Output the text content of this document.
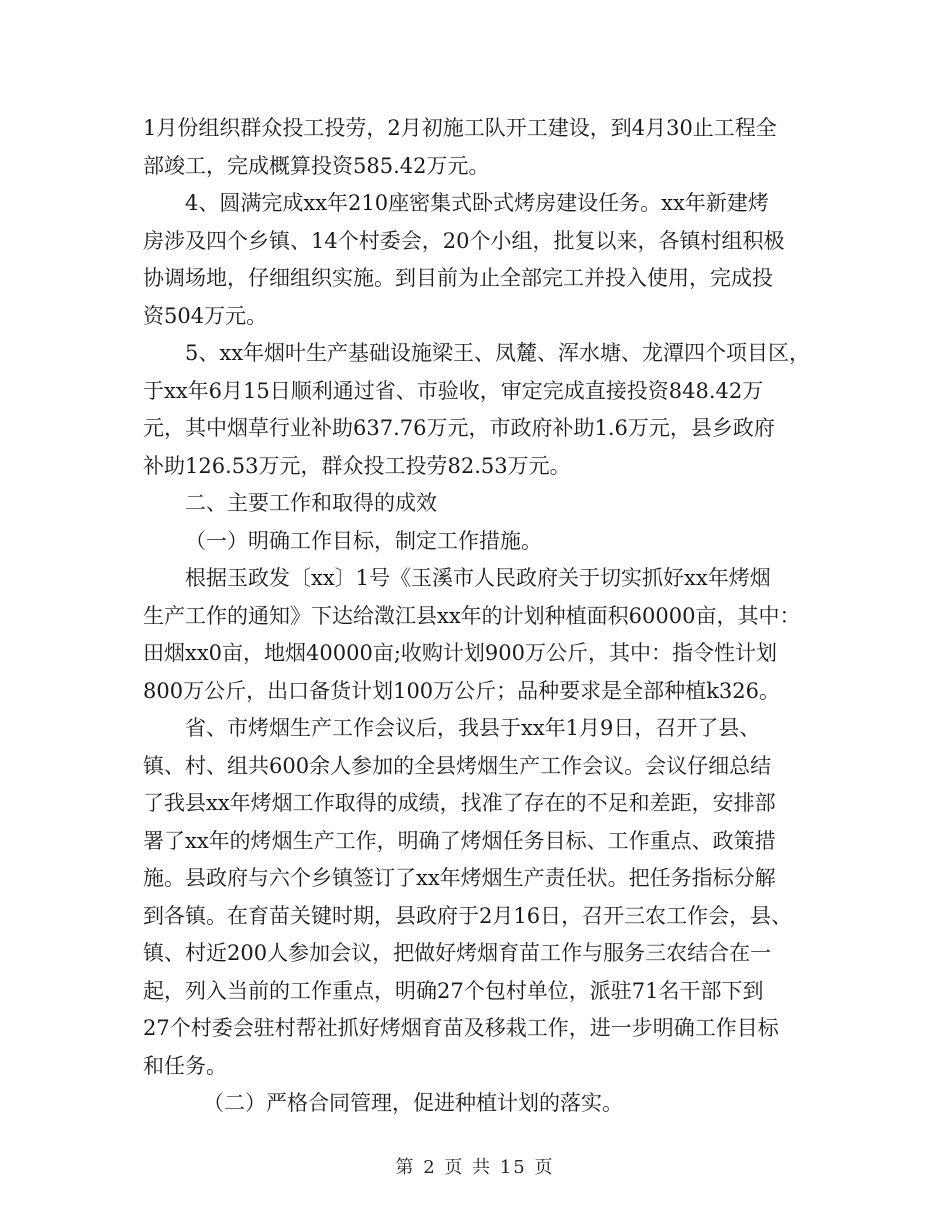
1月份组织群众投工投劳，2月初施工队开工建设，到4月30止工程全
部竣工，完成概算投资585.42万元。
4、圆满完成xx年210座密集式卧式烤房建设任务。xx年新建烤
房涉及四个乡镇、14个村委会，20个小组，批复以来，各镇村组积极
协调场地，仔细组织实施。到目前为止全部完工并投入使用，完成投
资504万元。
5、xx年烟叶生产基础设施梁王、凤麓、浑水塘、龙潭四个项目区，
于xx年6月15日顺利通过省、市验收，审定完成直接投资848.42万
元，其中烟草行业补助637.76万元，市政府补助1.6万元，县乡政府
补助126.53万元，群众投工投劳82.53万元。
二、主要工作和取得的成效
（一）明确工作目标，制定工作措施。
根据玉政发〔xx〕1号《玉溪市人民政府关于切实抓好xx年烤烟
生产工作的通知》下达给澂江县xx年的计划种植面积60000亩，其中：
田烟xx0亩，地烟40000亩;收购计划900万公斤，其中：指令性计划
800万公斤，出口备货计划100万公斤；品种要求是全部种植k326。
省、市烤烟生产工作会议后，我县于xx年1月9日，召开了县、
镇、村、组共600余人参加的全县烤烟生产工作会议。会议仔细总结
了我县xx年烤烟工作取得的成绩，找准了存在的不足和差距，安排部
署了xx年的烤烟生产工作，明确了烤烟任务目标、工作重点、政策措
施。县政府与六个乡镇签订了xx年烤烟生产责任状。把任务指标分解
到各镇。在育苗关键时期，县政府于2月16日，召开三农工作会，县、
镇、村近200人参加会议，把做好烤烟育苗工作与服务三农结合在一
起，列入当前的工作重点，明确27个包村单位，派驻71名干部下到
27个村委会驻村帮社抓好烤烟育苗及移栽工作，进一步明确工作目标
和任务。
（二）严格合同管理，促进种植计划的落实。
第 2 页 共 15 页
